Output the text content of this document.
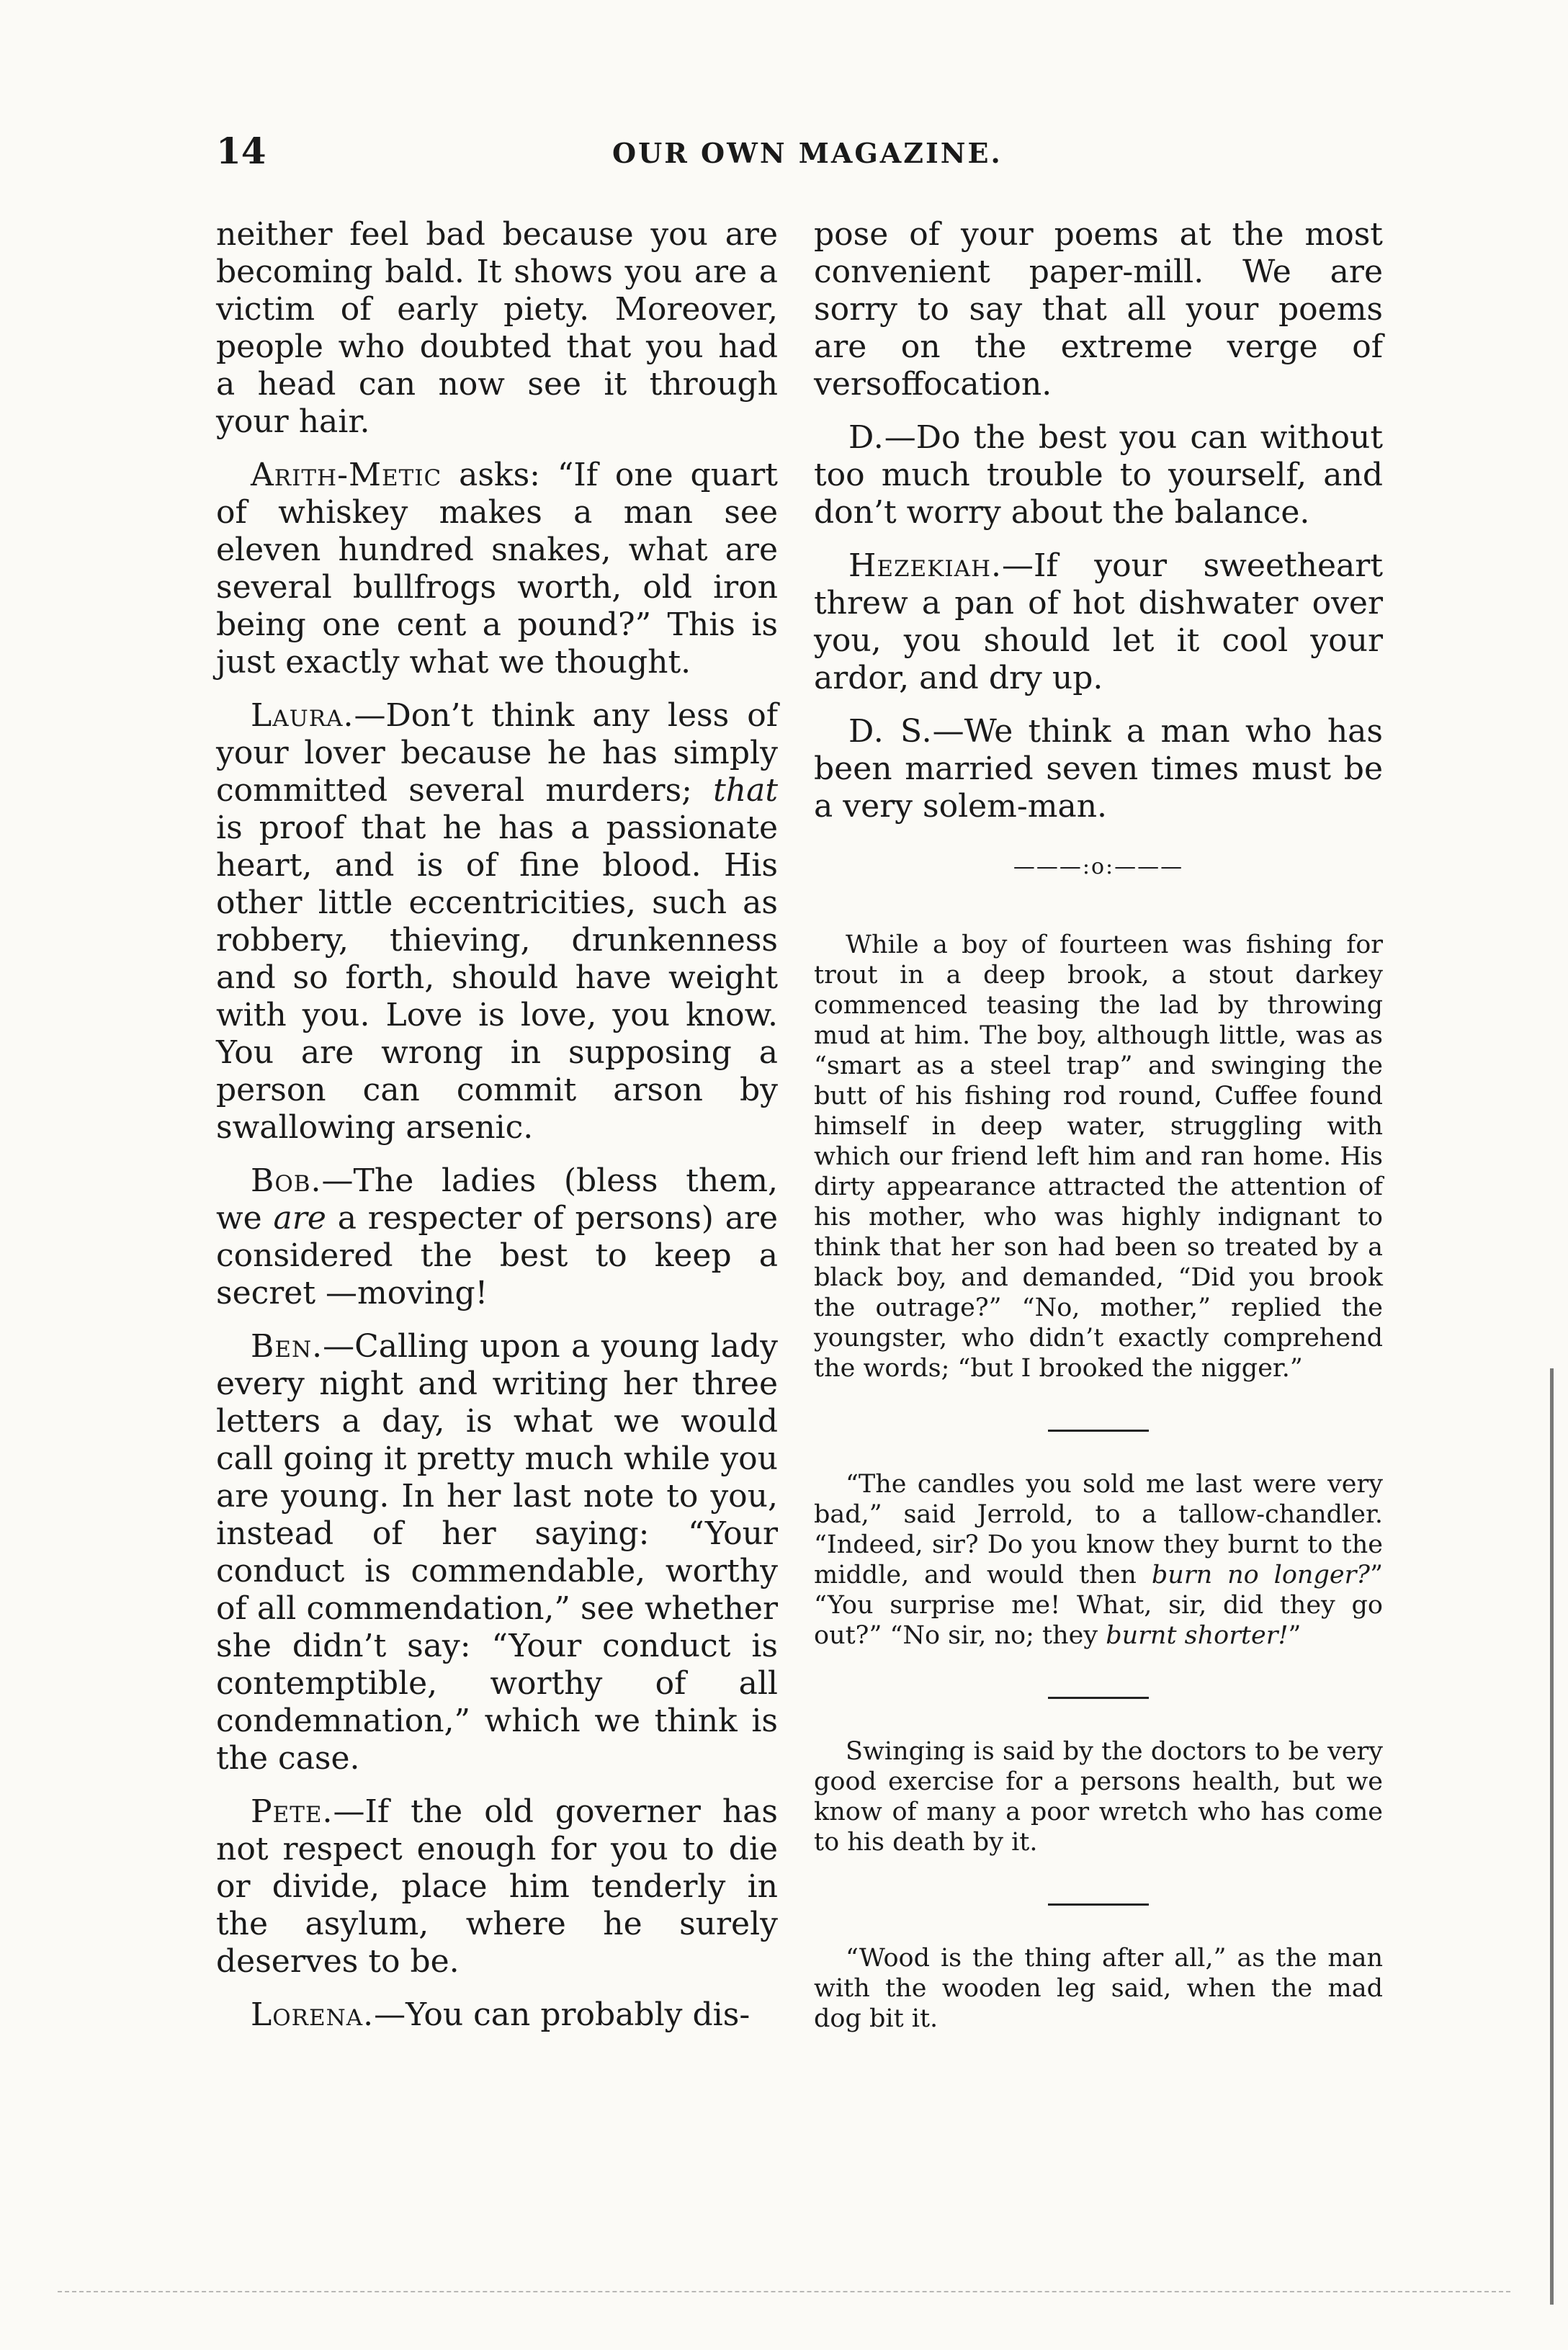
14	OUR OWN MAGAZINE.

neither feel bad because you are becoming bald. It shows you are a victim of early piety. Moreover, people who doubted that you had a head can now see it through your hair.

Arith-Metic asks: “If one quart of whiskey makes a man see eleven hundred snakes, what are several bullfrogs worth, old iron being one cent a pound?” This is just exactly what we thought.

Laura.—Don’t think any less of your lover because he has simply committed several murders; that is proof that he has a passionate heart, and is of fine blood. His other little eccentricities, such as robbery, thieving, drunkenness and so forth, should have weight with you. Love is love, you know. You are wrong in supposing a person can commit arson by swallowing arsenic.

Bob.—The ladies (bless them, we are a respecter of persons) are considered the best to keep a secret —moving!

Ben.—Calling upon a young lady every night and writing her three letters a day, is what we would call going it pretty much while you are young. In her last note to you, instead of her saying: “Your conduct is commendable, worthy of all commendation,” see whether she didn’t say: “Your conduct is contemptible, worthy of all condemnation,” which we think is the case.

Pete.—If the old governer has not respect enough for you to die or divide, place him tenderly in the asylum, where he surely deserves to be.

Lorena.—You can probably dis-

pose of your poems at the most convenient paper-mill. We are sorry to say that all your poems are on the extreme verge of versoffocation.

D.—Do the best you can without too much trouble to yourself, and don’t worry about the balance.

Hezekiah.—If your sweetheart threw a pan of hot dishwater over you, you should let it cool your ardor, and dry up.

D. S.—We think a man who has been married seven times must be a very solem-man.

———:o:———

While a boy of fourteen was fishing for trout in a deep brook, a stout darkey commenced teasing the lad by throwing mud at him. The boy, although little, was as “smart as a steel trap” and swinging the butt of his fishing rod round, Cuffee found himself in deep water, struggling with which our friend left him and ran home. His dirty appearance attracted the attention of his mother, who was highly indignant to think that her son had been so treated by a black boy, and demanded, “Did you brook the outrage?” “No, mother,” replied the youngster, who didn’t exactly comprehend the words; “but I brooked the nigger.”

“The candles you sold me last were very bad,” said Jerrold, to a tallow-chandler. “Indeed, sir? Do you know they burnt to the middle, and would then burn no longer?” “You surprise me! What, sir, did they go out?” “No sir, no; they burnt shorter!”

Swinging is said by the doctors to be very good exercise for a persons health, but we know of many a poor wretch who has come to his death by it.

“Wood is the thing after all,” as the man with the wooden leg said, when the mad dog bit it.
